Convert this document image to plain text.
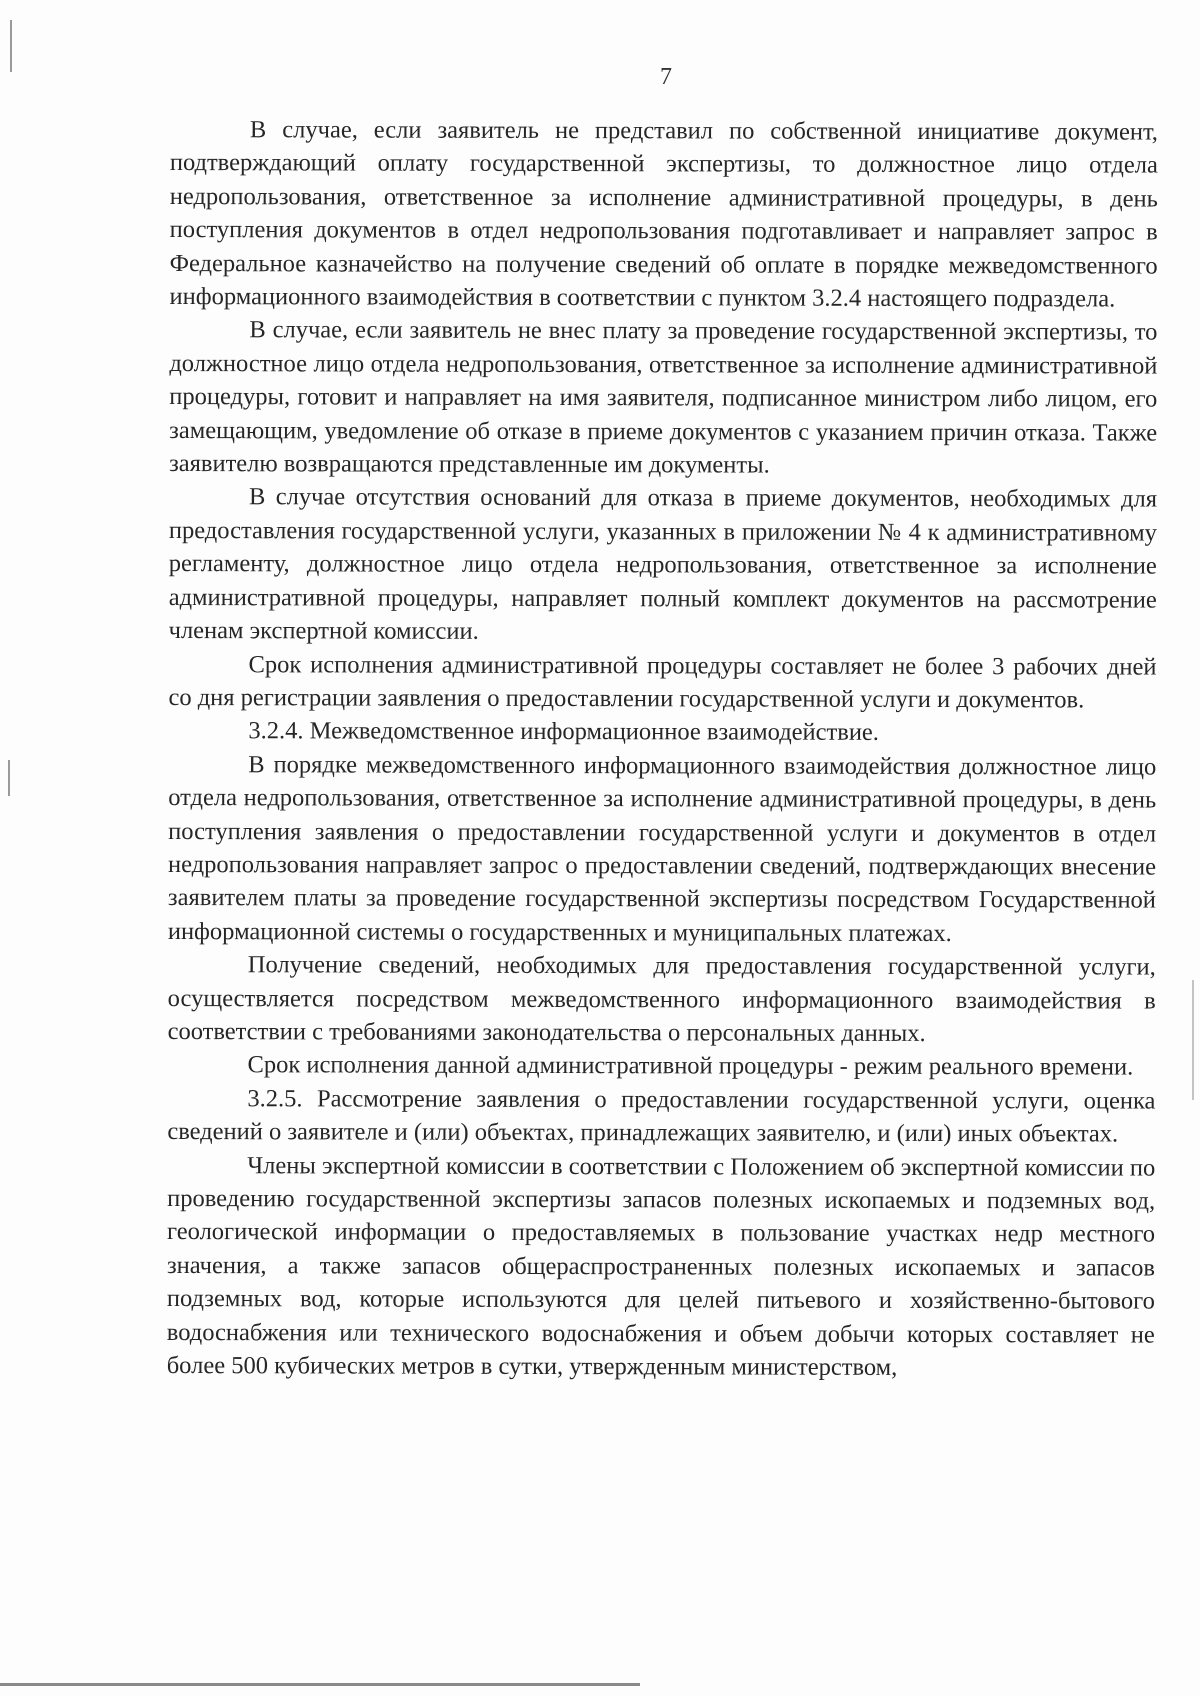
7

В случае, если заявитель не представил по собственной инициативе документ, подтверждающий оплату государственной экспертизы, то должностное лицо отдела недропользования, ответственное за исполнение административной процедуры, в день поступления документов в отдел недропользования подготавливает и направляет запрос в Федеральное казначейство на получение сведений об оплате в порядке межведомственного информационного взаимодействия в соответствии с пунктом 3.2.4 настоящего подраздела.

В случае, если заявитель не внес плату за проведение государственной экспертизы, то должностное лицо отдела недропользования, ответственное за исполнение административной процедуры, готовит и направляет на имя заявителя, подписанное министром либо лицом, его замещающим, уведомление об отказе в приеме документов с указанием причин отказа. Также заявителю возвращаются представленные им документы.

В случае отсутствия оснований для отказа в приеме документов, необходимых для предоставления государственной услуги, указанных в приложении № 4 к административному регламенту, должностное лицо отдела недропользования, ответственное за исполнение административной процедуры, направляет полный комплект документов на рассмотрение членам экспертной комиссии.

Срок исполнения административной процедуры составляет не более 3 рабочих дней со дня регистрации заявления о предоставлении государственной услуги и документов.

3.2.4. Межведомственное информационное взаимодействие.

В порядке межведомственного информационного взаимодействия должностное лицо отдела недропользования, ответственное за исполнение административной процедуры, в день поступления заявления о предоставлении государственной услуги и документов в отдел недропользования направляет запрос о предоставлении сведений, подтверждающих внесение заявителем платы за проведение государственной экспертизы посредством Государственной информационной системы о государственных и муниципальных платежах.

Получение сведений, необходимых для предоставления государственной услуги, осуществляется посредством межведомственного информационного взаимодействия в соответствии с требованиями законодательства о персональных данных.

Срок исполнения данной административной процедуры - режим реального времени.

3.2.5. Рассмотрение заявления о предоставлении государственной услуги, оценка сведений о заявителе и (или) объектах, принадлежащих заявителю, и (или) иных объектах.

Члены экспертной комиссии в соответствии с Положением об экспертной комиссии по проведению государственной экспертизы запасов полезных ископаемых и подземных вод, геологической информации о предоставляемых в пользование участках недр местного значения, а также запасов общераспространенных полезных ископаемых и запасов подземных вод, которые используются для целей питьевого и хозяйственно-бытового водоснабжения или технического водоснабжения и объем добычи которых составляет не более 500 кубических метров в сутки, утвержденным министерством,
